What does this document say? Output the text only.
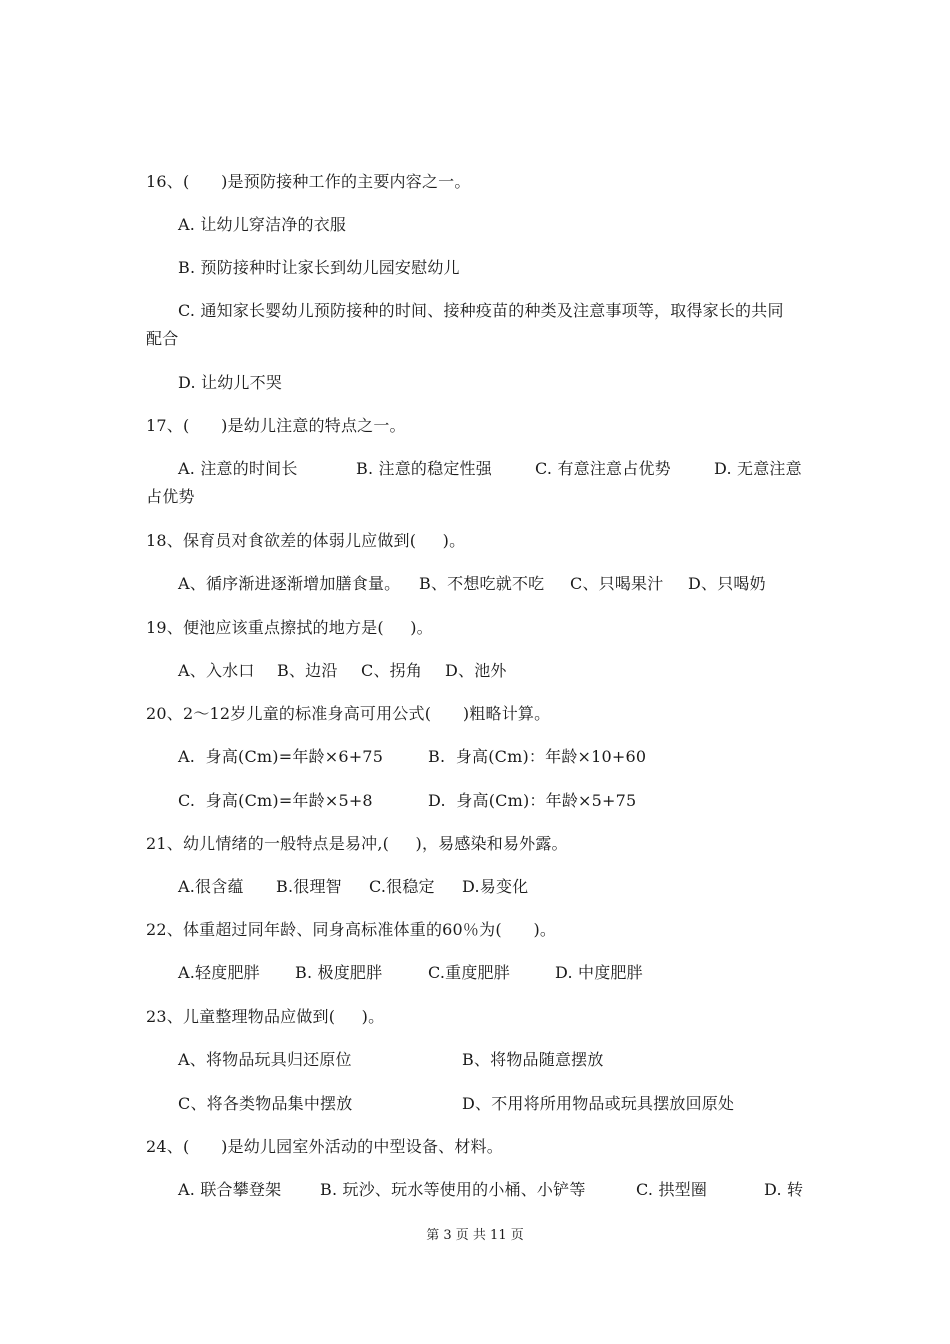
16、(      )是预防接种工作的主要内容之一。
A. 让幼儿穿洁净的衣服
B. 预防接种时让家长到幼儿园安慰幼儿
C. 通知家长婴幼儿预防接种的时间、接种疫苗的种类及注意事项等，取得家长的共同
配合
D. 让幼儿不哭
17、(      )是幼儿注意的特点之一。
A. 注意的时间长	B. 注意的稳定性强	C. 有意注意占优势	D. 无意注意
占优势
18、保育员对食欲差的体弱儿应做到(     )。
A、循序渐进逐渐增加膳食量。 B、不想吃就不吃 C、只喝果汁 D、只喝奶
19、便池应该重点擦拭的地方是(     )。
A、入水口 B、边沿 C、拐角 D、池外
20、2～12岁儿童的标准身高可用公式(      )粗略计算。
A.  身高(Cm)=年龄×6+75	B.  身高(Cm)：年龄×10+60
C.  身高(Cm)=年龄×5+8	D.  身高(Cm)：年龄×5+75
21、幼儿情绪的一般特点是易冲,(     )，易感染和易外露。
A.很含蕴 B.很理智 C.很稳定 D.易变化
22、体重超过同年龄、同身高标准体重的60％为(      )。
A.轻度肥胖 B. 极度肥胖	C.重度肥胖	D. 中度肥胖
23、儿童整理物品应做到(     )。
A、将物品玩具归还原位	B、将物品随意摆放
C、将各类物品集中摆放	D、不用将所用物品或玩具摆放回原处
24、(      )是幼儿园室外活动的中型设备、材料。
A. 联合攀登架 B. 玩沙、玩水等使用的小桶、小铲等	C. 拱型圈	D. 转
第 3 页 共 11 页
